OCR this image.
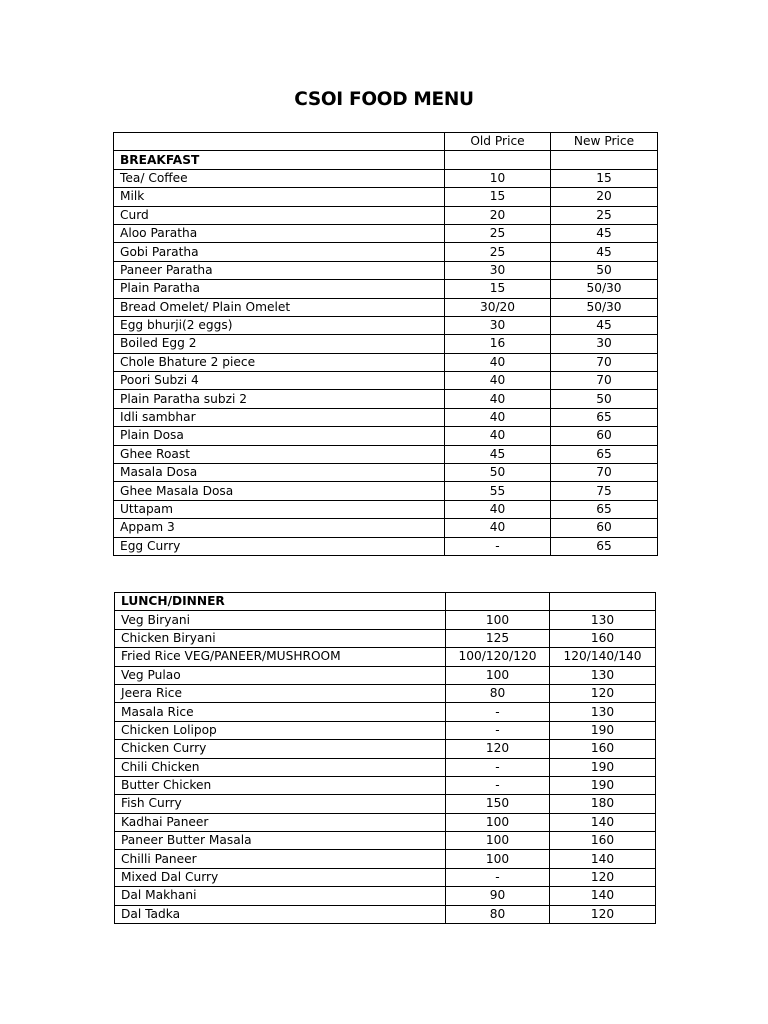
CSOI FOOD MENU
	Old Price	New Price
BREAKFAST		
Tea/ Coffee	10	15
Milk	15	20
Curd	20	25
Aloo Paratha	25	45
Gobi Paratha	25	45
Paneer Paratha	30	50
Plain Paratha	15	50/30
Bread Omelet/ Plain Omelet	30/20	50/30
Egg bhurji(2 eggs)	30	45
Boiled Egg 2	16	30
Chole Bhature 2 piece	40	70
Poori Subzi 4	40	70
Plain Paratha subzi 2	40	50
Idli sambhar	40	65
Plain Dosa	40	60
Ghee Roast	45	65
Masala Dosa	50	70
Ghee Masala Dosa	55	75
Uttapam	40	65
Appam 3	40	60
Egg Curry	-	65
LUNCH/DINNER		
Veg Biryani	100	130
Chicken Biryani	125	160
Fried Rice VEG/PANEER/MUSHROOM	100/120/120	120/140/140
Veg Pulao	100	130
Jeera Rice	80	120
Masala Rice	-	130
Chicken Lolipop	-	190
Chicken Curry	120	160
Chili Chicken	-	190
Butter Chicken	-	190
Fish Curry	150	180
Kadhai Paneer	100	140
Paneer Butter Masala	100	160
Chilli Paneer	100	140
Mixed Dal Curry	-	120
Dal Makhani	90	140
Dal Tadka	80	120
